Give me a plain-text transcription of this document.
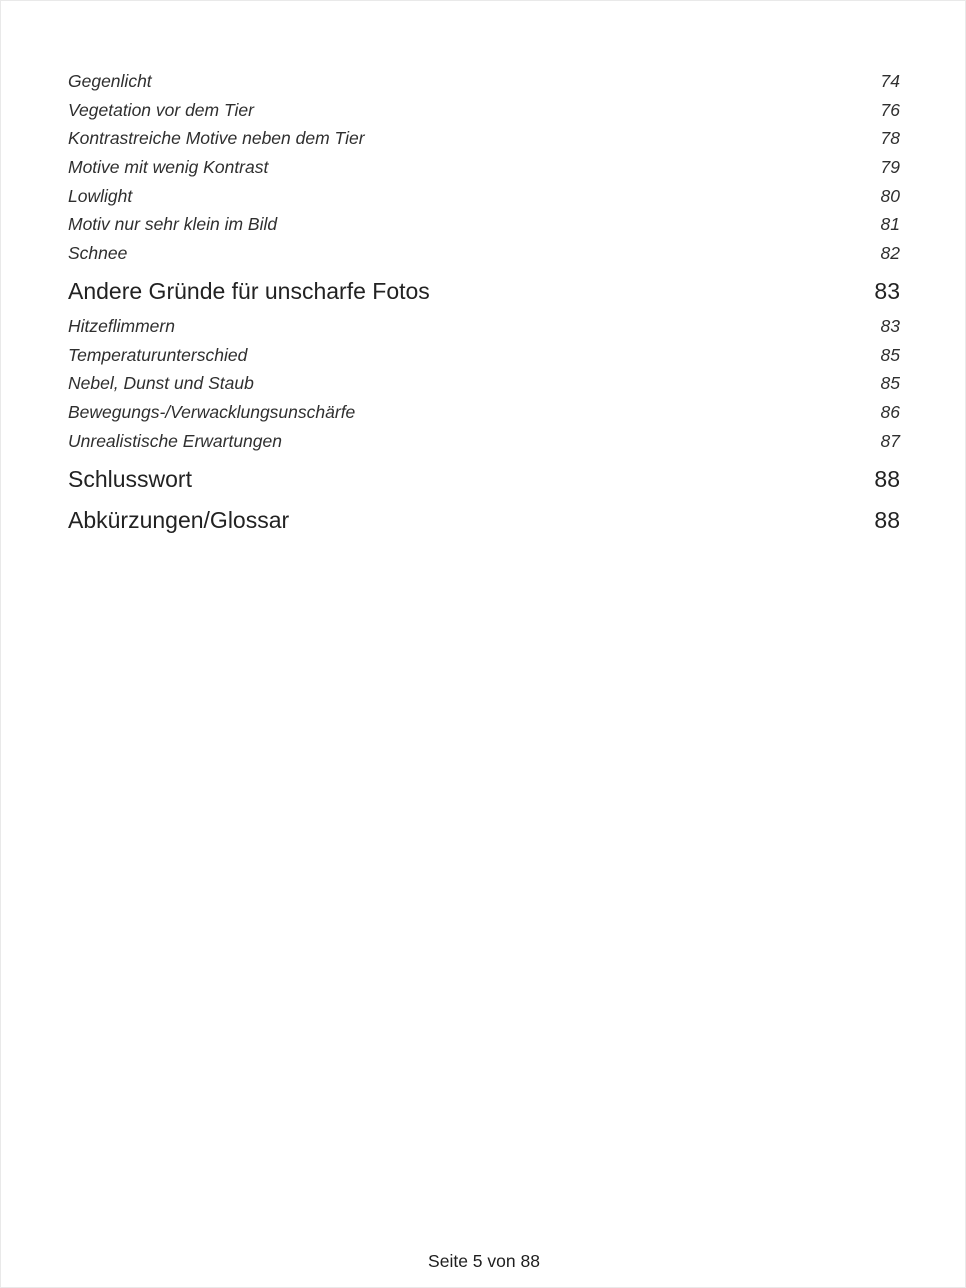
Gegenlicht	74
Vegetation vor dem Tier	76
Kontrastreiche Motive neben dem Tier	78
Motive mit wenig Kontrast	79
Lowlight	80
Motiv nur sehr klein im Bild	81
Schnee	82
Andere Gründe für unscharfe Fotos	83
Hitzeflimmern	83
Temperaturunterschied	85
Nebel, Dunst und Staub	85
Bewegungs-/Verwacklungsunschärfe	86
Unrealistische Erwartungen	87
Schlusswort	88
Abkürzungen/Glossar	88
Seite 5 von 88
